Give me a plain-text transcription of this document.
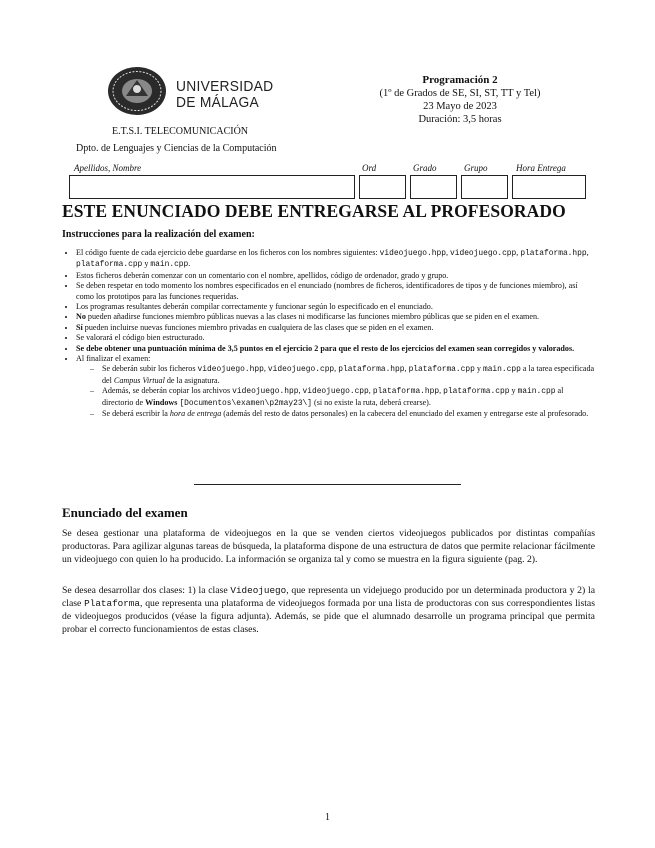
UNIVERSIDAD
DE MÁLAGA
E.T.S.I. TELECOMUNICACIÓN
Dpto. de Lenguajes y Ciencias de la Computación
Programación 2
(1º de Grados de SE, SI, ST, TT y Tel)
23 Mayo de 2023
Duración: 3,5 horas
Apellidos, Nombre	Ord	Grado	Grupo	Hora Entrega
ESTE ENUNCIADO DEBE ENTREGARSE AL PROFESORADO
Instrucciones para la realización del examen:
• El código fuente de cada ejercicio debe guardarse en los ficheros con los nombres siguientes: videojuego.hpp, videojuego.cpp, plataforma.hpp, plataforma.cpp y main.cpp.
• Estos ficheros deberán comenzar con un comentario con el nombre, apellidos, código de ordenador, grado y grupo.
• Se deben respetar en todo momento los nombres especificados en el enunciado (nombres de ficheros, identificadores de tipos y de funciones miembro), así como los prototipos para las funciones requeridas.
• Los programas resultantes deberán compilar correctamente y funcionar según lo especificado en el enunciado.
• No pueden añadirse funciones miembro públicas nuevas a las clases ni modificarse las funciones miembro públicas que se piden en el examen.
• Sí pueden incluirse nuevas funciones miembro privadas en cualquiera de las clases que se piden en el examen.
• Se valorará el código bien estructurado.
• Se debe obtener una puntuación mínima de 3,5 puntos en el ejercicio 2 para que el resto de los ejercicios del examen sean corregidos y valorados.
• Al finalizar el examen:
– Se deberán subir los ficheros videojuego.hpp, videojuego.cpp, plataforma.hpp, plataforma.cpp y main.cpp a la tarea especificada del Campus Virtual de la asignatura.
– Además, se deberán copiar los archivos videojuego.hpp, videojuego.cpp, plataforma.hpp, plataforma.cpp y main.cpp al directorio de Windows [Documentos\examen\p2may23\] (si no existe la ruta, deberá crearse).
– Se deberá escribir la hora de entrega (además del resto de datos personales) en la cabecera del enunciado del examen y entregarse este al profesorado.
Enunciado del examen
Se desea gestionar una plataforma de videojuegos en la que se venden ciertos videojuegos publicados por distintas compañías productoras. Para agilizar algunas tareas de búsqueda, la plataforma dispone de una estructura de datos que permite relacionar fácilmente un videojuego con quien lo ha producido. La información se organiza tal y como se muestra en la figura siguiente (pag. 2).
Se desea desarrollar dos clases: 1) la clase Videojuego, que representa un videjuego producido por un determinada productora y 2) la clase Plataforma, que representa una plataforma de videojuegos formada por una lista de productoras con sus correspondientes listas de videojuegos producidos (véase la figura adjunta). Además, se pide que el alumnado desarrolle un programa principal que permita probar el correcto funcionamientos de estas clases.
1
